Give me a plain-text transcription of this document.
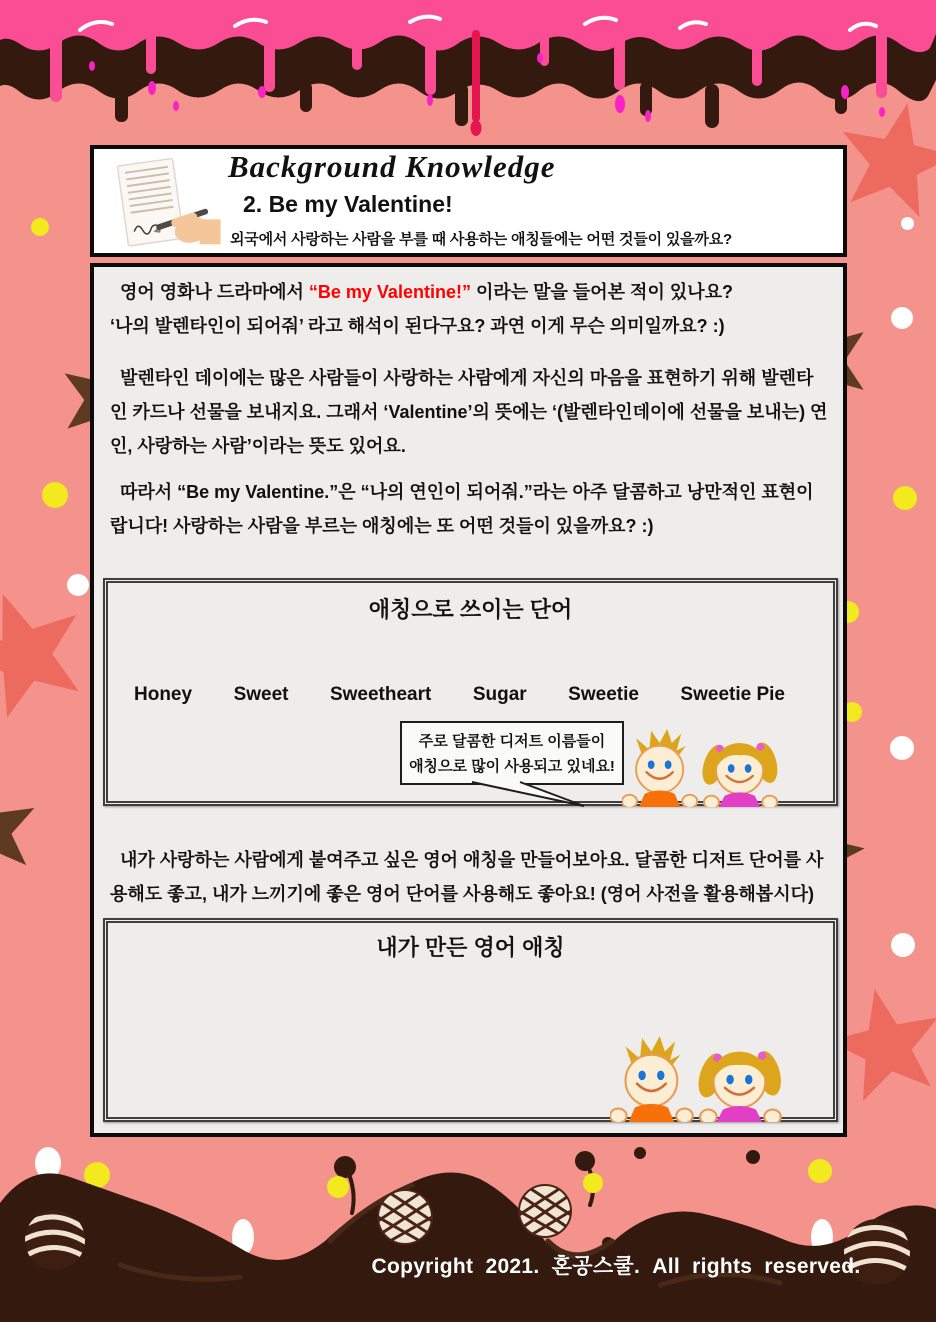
Background Knowledge
2. Be my Valentine!
외국에서 사랑하는 사람을 부를 때 사용하는 애칭들에는 어떤 것들이 있을까요?
영어 영화나 드라마에서 “Be my Valentine!” 이라는 말을 들어본 적이 있나요?
‘나의 발렌타인이 되어줘’ 라고 해석이 된다구요? 과연 이게 무슨 의미일까요? :)
발렌타인 데이에는 많은 사람들이 사랑하는 사람에게 자신의 마음을 표현하기 위해 발렌타인 카드나 선물을 보내지요. 그래서 ‘Valentine’의 뜻에는 ‘(발렌타인데이에 선물을 보내는) 연인, 사랑하는 사람’이라는 뜻도 있어요.
따라서 “Be my Valentine.”은 “나의 연인이 되어줘.”라는 아주 달콤하고 낭만적인 표현이랍니다! 사랑하는 사람을 부르는 애칭에는 또 어떤 것들이 있을까요? :)
애칭으로 쓰이는 단어
Honey Sweet Sweetheart Sugar Sweetie Sweetie Pie
내가 사랑하는 사람에게 붙여주고 싶은 영어 애칭을 만들어보아요. 달콤한 디저트 단어를 사용해도 좋고, 내가 느끼기에 좋은 영어 단어를 사용해도 좋아요! (영어 사전을 활용해봅시다)
내가 만든 영어 애칭
주로 달콤한 디저트 이름들이
애칭으로 많이 사용되고 있네요!
Copyright 2021. 혼공스쿨. All rights reserved.
